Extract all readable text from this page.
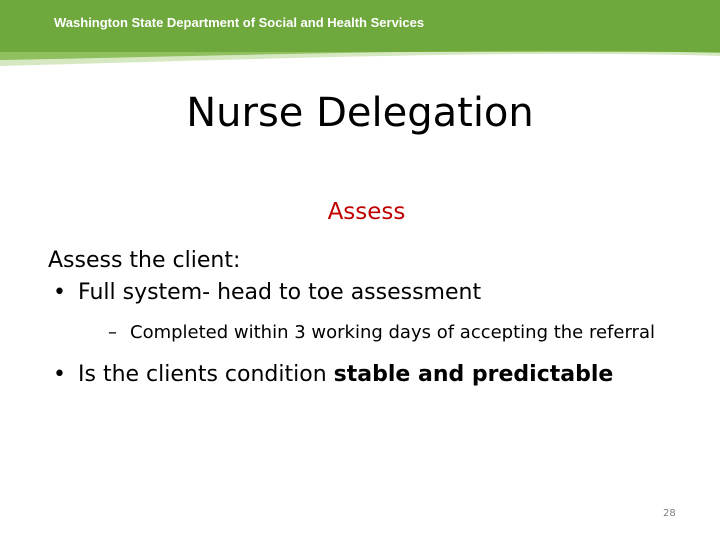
Washington State Department of Social and Health Services
Nurse Delegation
Assess
Assess the client:
• Full system- head to toe assessment
– Completed within 3 working days of accepting the referral
• Is the clients condition stable and predictable
28
